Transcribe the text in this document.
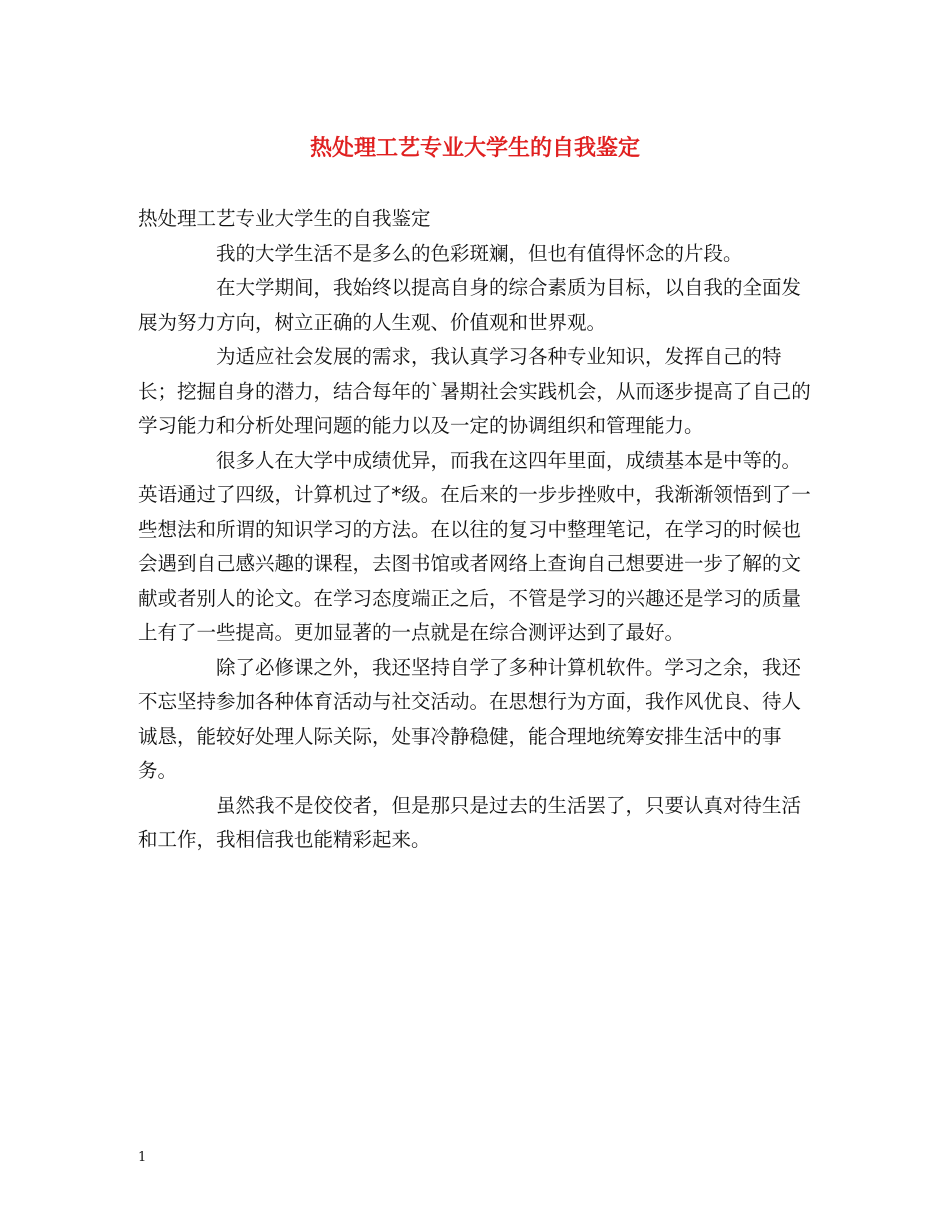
热处理工艺专业大学生的自我鉴定

热处理工艺专业大学生的自我鉴定

我的大学生活不是多么的色彩斑斓，但也有值得怀念的片段。

在大学期间，我始终以提高自身的综合素质为目标，以自我的全面发展为努力方向，树立正确的人生观、价值观和世界观。

为适应社会发展的需求，我认真学习各种专业知识，发挥自己的特长；挖掘自身的潜力，结合每年的`暑期社会实践机会，从而逐步提高了自己的学习能力和分析处理问题的能力以及一定的协调组织和管理能力。

很多人在大学中成绩优异，而我在这四年里面，成绩基本是中等的。英语通过了四级，计算机过了*级。在后来的一步步挫败中，我渐渐领悟到了一些想法和所谓的知识学习的方法。在以往的复习中整理笔记，在学习的时候也会遇到自己感兴趣的课程，去图书馆或者网络上查询自己想要进一步了解的文献或者别人的论文。在学习态度端正之后，不管是学习的兴趣还是学习的质量上有了一些提高。更加显著的一点就是在综合测评达到了最好。

除了必修课之外，我还坚持自学了多种计算机软件。学习之余，我还不忘坚持参加各种体育活动与社交活动。在思想行为方面，我作风优良、待人诚恳，能较好处理人际关际，处事冷静稳健，能合理地统筹安排生活中的事务。

虽然我不是佼佼者，但是那只是过去的生活罢了，只要认真对待生活和工作，我相信我也能精彩起来。

1
